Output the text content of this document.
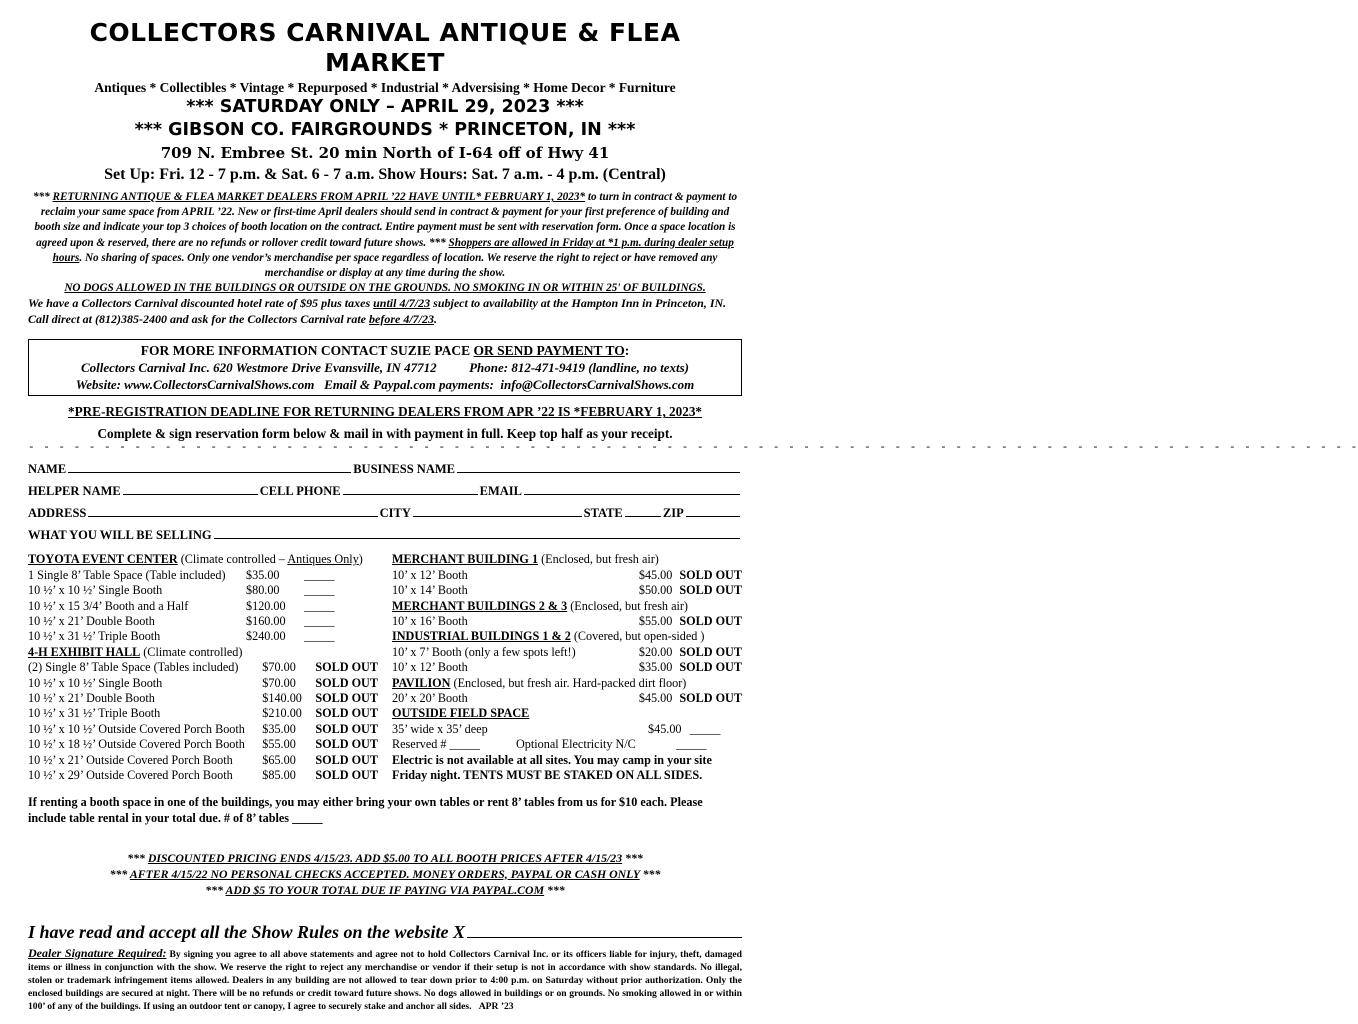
COLLECTORS CARNIVAL ANTIQUE & FLEA MARKET
Antiques * Collectibles * Vintage * Repurposed * Industrial * Adversising * Home Decor * Furniture
*** SATURDAY ONLY – APRIL 29, 2023 ***
*** GIBSON CO. FAIRGROUNDS * PRINCETON, IN ***
709 N. Embree St. 20 min North of I-64 off of Hwy 41
Set Up: Fri. 12 - 7 p.m. & Sat. 6 - 7 a.m. Show Hours: Sat. 7 a.m. - 4 p.m. (Central)
*** RETURNING ANTIQUE & FLEA MARKET DEALERS FROM APRIL ’22 HAVE UNTIL* FEBRUARY 1, 2023* to turn in contract & payment to reclaim your same space from APRIL ’22. New or first-time April dealers should send in contract & payment for your first preference of building and booth size and indicate your top 3 choices of booth location on the contract. Entire payment must be sent with reservation form. Once a space location is agreed upon & reserved, there are no refunds or rollover credit toward future shows. *** Shoppers are allowed in Friday at *1 p.m. during dealer setup hours. No sharing of spaces. Only one vendor’s merchandise per space regardless of location. We reserve the right to reject or have removed any merchandise or display at any time during the show.
NO DOGS ALLOWED IN THE BUILDINGS OR OUTSIDE ON THE GROUNDS. NO SMOKING IN OR WITHIN 25' OF BUILDINGS.
We have a Collectors Carnival discounted hotel rate of $95 plus taxes until 4/7/23 subject to availability at the Hampton Inn in Princeton, IN. Call direct at (812)385-2400 and ask for the Collectors Carnival rate before 4/7/23.
FOR MORE INFORMATION CONTACT SUZIE PACE OR SEND PAYMENT TO:
Collectors Carnival Inc. 620 Westmore Drive Evansville, IN 47712          Phone: 812-471-9419 (landline, no texts)
Website: www.CollectorsCarnivalShows.com   Email & Paypal.com payments:  info@CollectorsCarnivalShows.com
*PRE-REGISTRATION DEADLINE FOR RETURNING DEALERS FROM APR ’22 IS *FEBRUARY 1, 2023*
Complete & sign reservation form below & mail in with payment in full. Keep top half as your receipt.
- - - - - - - - - - - - - - - - - - - - - - - - - - - - - - - - - - - - - - - - - - - - - - - - - - - - - - - - - - - - - - - - - - - - - - - - - - - - - - - - - - - - - - - -
NAME	BUSINESS NAME
HELPER NAME	CELL PHONE	EMAIL
ADDRESS	CITY	STATE	ZIP
WHAT YOU WILL BE SELLING
TOYOTA EVENT CENTER (Climate controlled – Antiques Only)
1 Single 8’ Table Space (Table included)	$35.00	_____
10 ½’ x 10 ½’ Single Booth	$80.00	_____
10 ½’ x 15 3/4’ Booth and a Half	$120.00	_____
10 ½’ x 21’ Double Booth	$160.00	_____
10 ½’ x 31 ½’ Triple Booth	$240.00	_____
4-H EXHIBIT HALL (Climate controlled)
(2) Single 8’ Table Space (Tables included)	$70.00	SOLD OUT
10 ½’ x 10 ½’ Single Booth	$70.00	SOLD OUT
10 ½’ x 21’ Double Booth	$140.00	SOLD OUT
10 ½’ x 31 ½’ Triple Booth	$210.00	SOLD OUT
10 ½’ x 10 ½’ Outside Covered Porch Booth	$35.00	SOLD OUT
10 ½’ x 18 ½’ Outside Covered Porch Booth	$55.00	SOLD OUT
10 ½’ x 21’ Outside Covered Porch Booth	$65.00	SOLD OUT
10 ½’ x 29’ Outside Covered Porch Booth	$85.00	SOLD OUT
MERCHANT BUILDING 1 (Enclosed, but fresh air)
10’ x 12’ Booth	$45.00 SOLD OUT
10’ x 14’ Booth	$50.00 SOLD OUT
MERCHANT BUILDINGS 2 & 3 (Enclosed, but fresh air)
10’ x 16’ Booth	$55.00 SOLD OUT
INDUSTRIAL BUILDINGS 1 & 2 (Covered, but open-sided )
10’ x 7’ Booth (only a few spots left!)	$20.00 SOLD OUT
10’ x 12’ Booth	$35.00 SOLD OUT
PAVILION (Enclosed, but fresh air. Hard-packed dirt floor)
20’ x 20’ Booth	$45.00 SOLD OUT
OUTSIDE FIELD SPACE
35’ wide x 35’ deep	$45.00 _____
Reserved # _____	Optional Electricity N/C	_____
Electric is not available at all sites. You may camp in your site Friday night. TENTS MUST BE STAKED ON ALL SIDES.
If renting a booth space in one of the buildings, you may either bring your own tables or rent 8’ tables from us for $10 each. Please include table rental in your total due. # of 8’ tables _____
*** DISCOUNTED PRICING ENDS 4/15/23. ADD $5.00 TO ALL BOOTH PRICES AFTER 4/15/23 ***
*** AFTER 4/15/22 NO PERSONAL CHECKS ACCEPTED. MONEY ORDERS, PAYPAL OR CASH ONLY ***
*** ADD $5 TO YOUR TOTAL DUE IF PAYING VIA PAYPAL.COM ***
I have read and accept all the Show Rules on the website X
Dealer Signature Required: By signing you agree to all above statements and agree not to hold Collectors Carnival Inc. or its officers liable for injury, theft, damaged items or illness in conjunction with the show. We reserve the right to reject any merchandise or vendor if their setup is not in accordance with show standards. No illegal, stolen or trademark infringement items allowed. Dealers in any building are not allowed to tear down prior to 4:00 p.m. on Saturday without prior authorization. Only the enclosed buildings are secured at night. There will be no refunds or credit toward future shows. No dogs allowed in buildings or on grounds. No smoking allowed in or within 100’ of any of the buildings. If using an outdoor tent or canopy, I agree to securely stake and anchor all sides. APR ’23
